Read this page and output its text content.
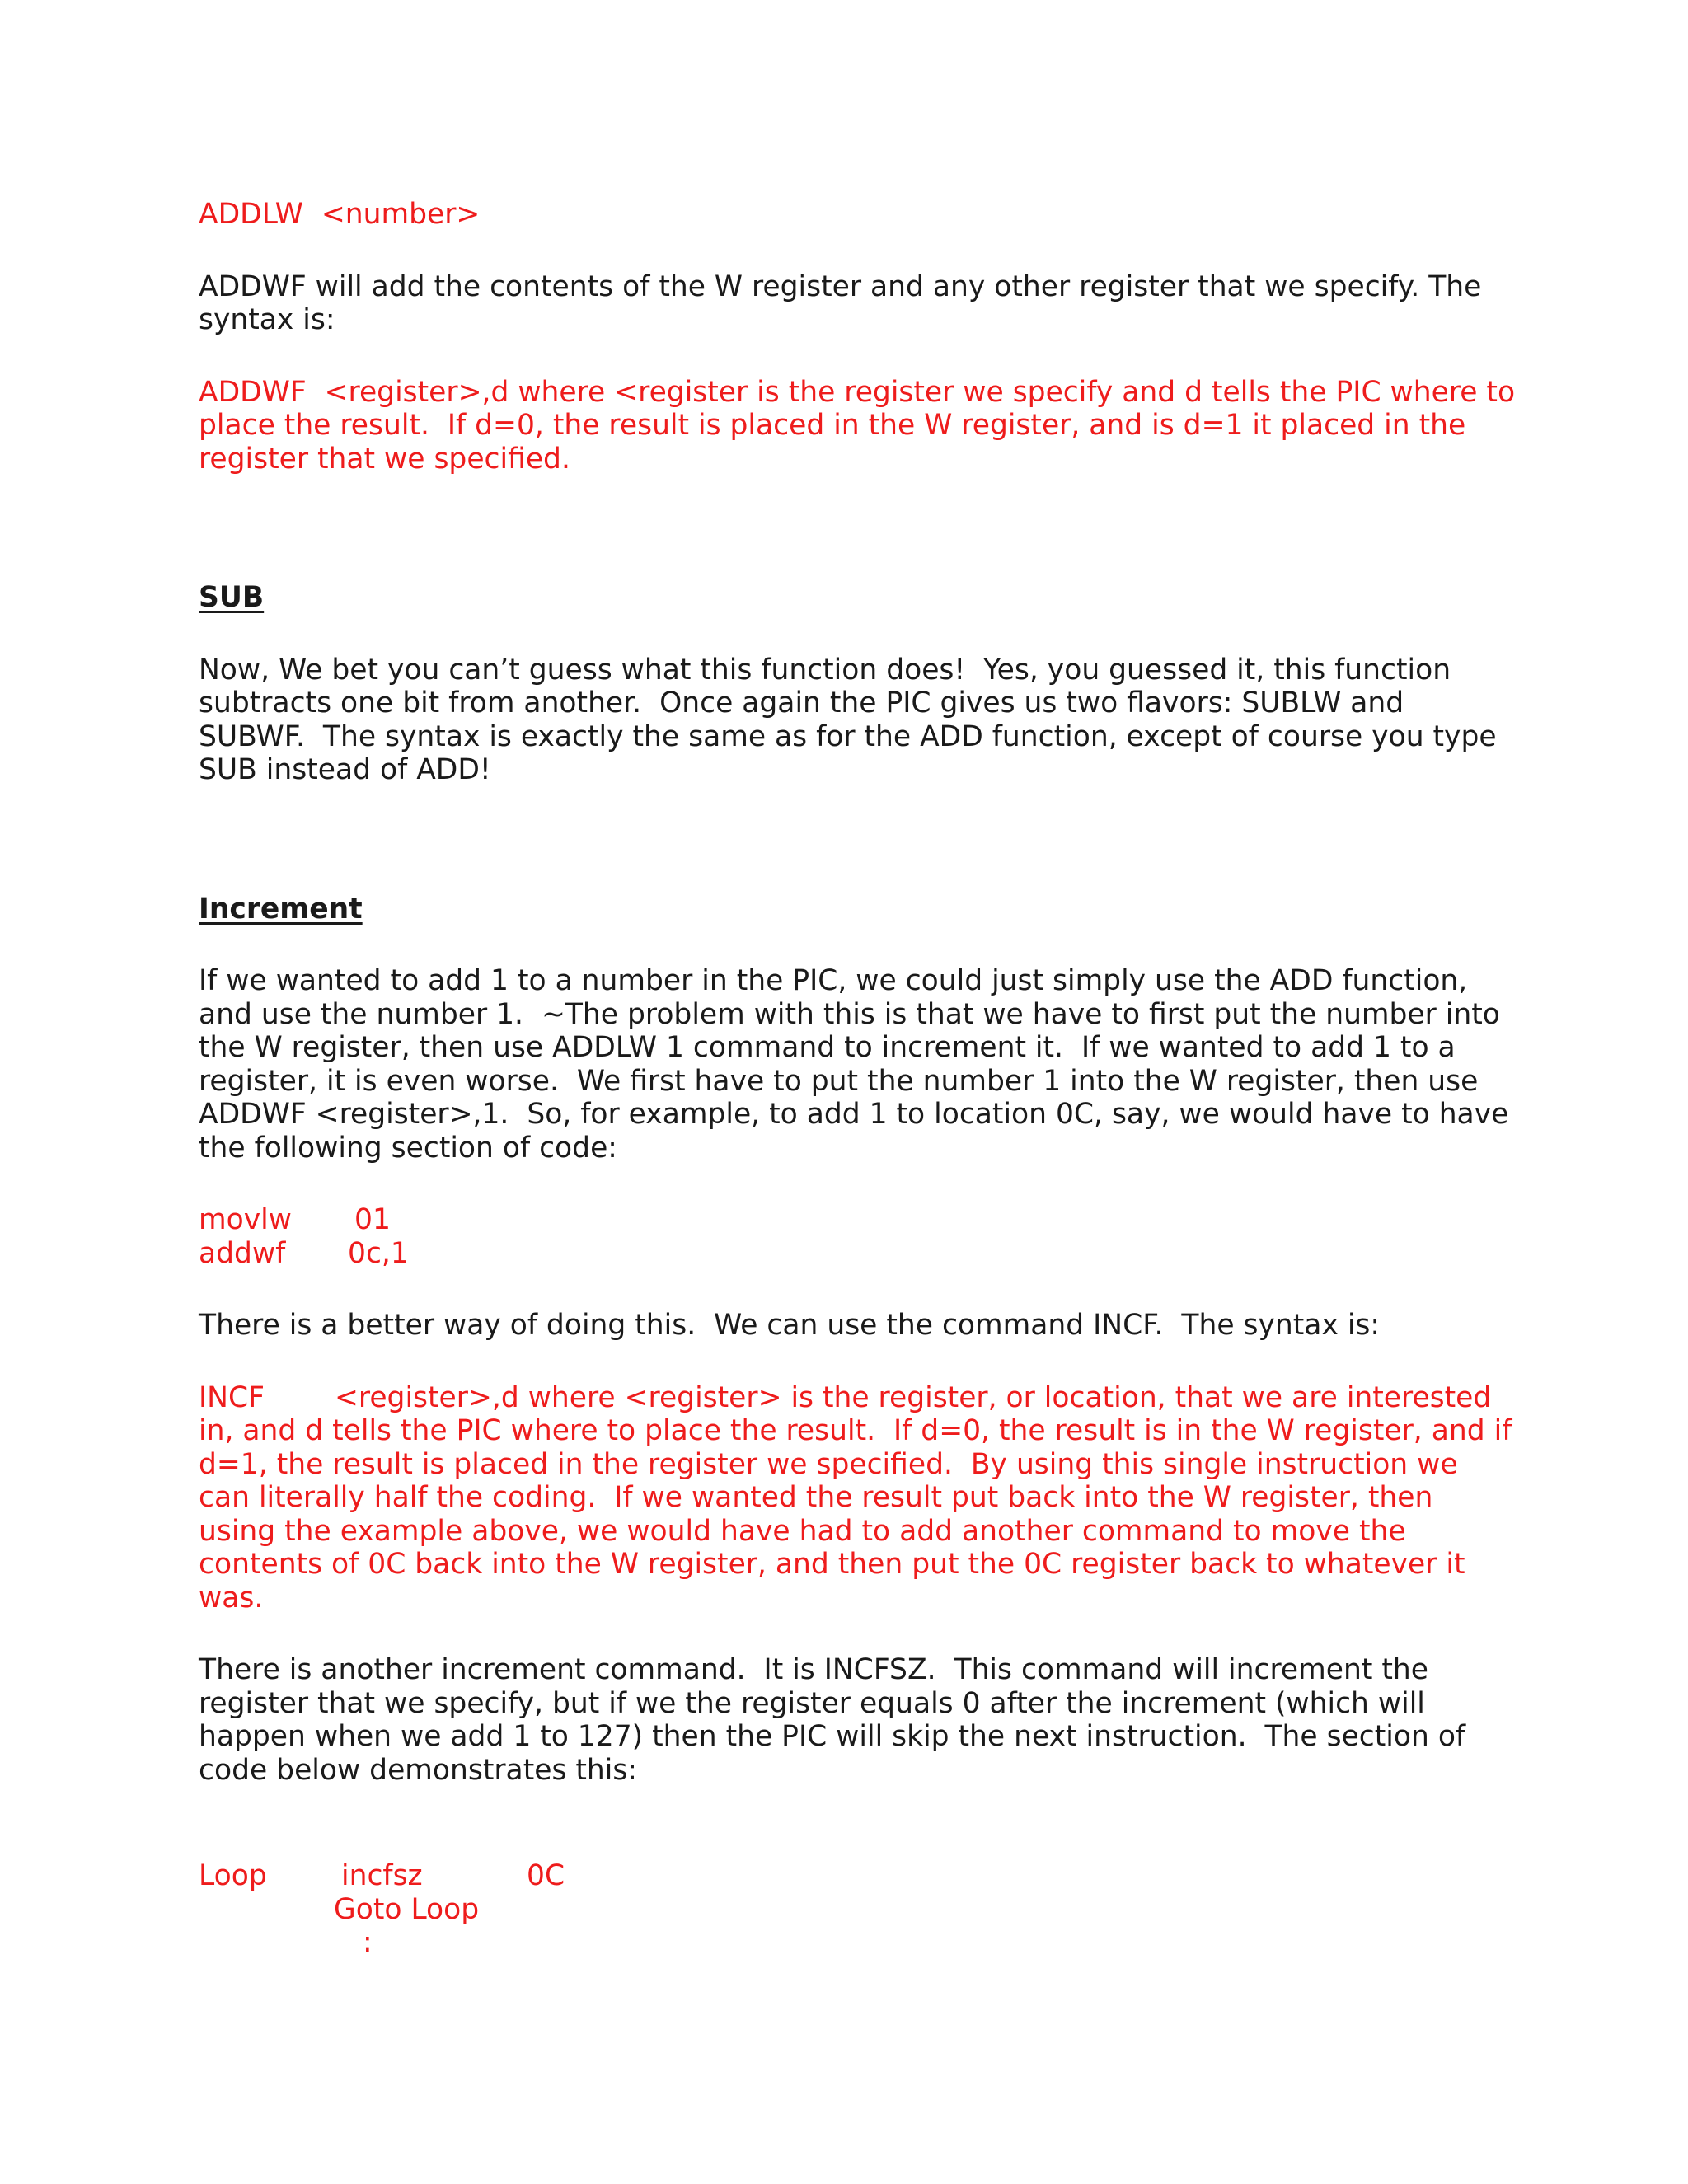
ADDLW  <number>

ADDWF will add the contents of the W register and any other register that we specify. The syntax is:

ADDWF  <register>,d where <register is the register we specify and d tells the PIC where to place the result.  If d=0, the result is placed in the W register, and is d=1 it placed in the register that we specified.

SUB

Now, We bet you can’t guess what this function does!  Yes, you guessed it, this function subtracts one bit from another.  Once again the PIC gives us two flavors: SUBLW and SUBWF.  The syntax is exactly the same as for the ADD function, except of course you type SUB instead of ADD!

Increment

If we wanted to add 1 to a number in the PIC, we could just simply use the ADD function, and use the number 1.  ~The problem with this is that we have to first put the number into the W register, then use ADDLW 1 command to increment it.  If we wanted to add 1 to a register, it is even worse.  We first have to put the number 1 into the W register, then use ADDWF <register>,1.  So, for example, to add 1 to location 0C, say, we would have to have the following section of code:

movlw

01

addwf

0c,1

There is a better way of doing this.  We can use the command INCF.  The syntax is:

INCF <register>,d where <register> is the register, or location, that we are interested in, and d tells the PIC where to place the result.  If d=0, the result is in the W register, and if d=1, the result is placed in the register we specified.  By using this single instruction we can literally half the coding.  If we wanted the result put back into the W register, then using the example above, we would have had to add another command to move the contents of 0C back into the W register, and then put the 0C register back to whatever it was.

There is another increment command.  It is INCFSZ.  This command will increment the register that we specify, but if we the register equals 0 after the increment (which will happen when we add 1 to 127) then the PIC will skip the next instruction.  The section of code below demonstrates this:

Loop

	incfsz

	0C

Goto Loop

:
